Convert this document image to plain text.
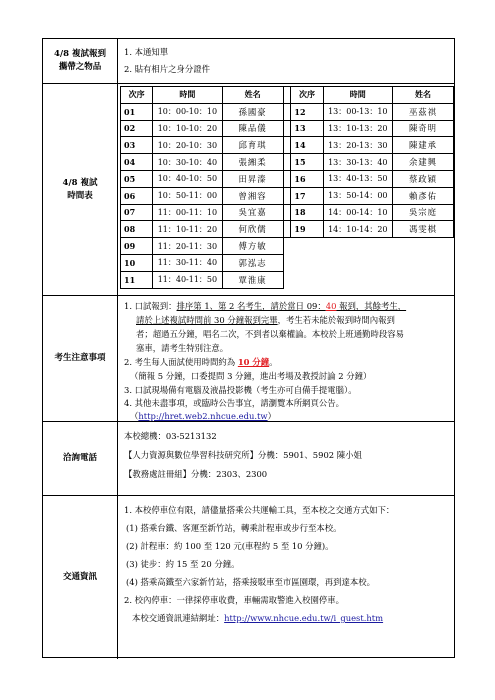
4/8 複試報到
攜帶之物品
1. 本通知單
2. 貼有相片之身分證件
4/8 複試
時間表
次序	時間	姓名		次序	時間	姓名
01	10：00-10：10	孫國豪		12	13：00-13：10	巫茲祺
02	10：10-10：20	陳品儀		13	13：10-13：20	陳奇明
03	10：20-10：30	邱育琪		14	13：20-13：30	陳建承
04	10：30-10：40	張緗柔		15	13：30-13：40	余建興
05	10：40-10：50	田昇溱		16	13：40-13：50	蔡政穎
06	10：50-11：00	曾湘容		17	13：50-14：00	賴彥佑
07	11：00-11：10	吳宜嘉		18	14：00-14：10	吳宗庭
08	11：10-11：20	何欣儒		19	14：10-14：20	馮雯棋
09	11：20-11：30	傅方敏				
10	11：30-11：40	郭泓志				
11	11：40-11：50	覃淮康				
考生注意事項
1. 口試報到：排序第 1、第 2 名考生，請於當日 09：40 報到，其餘考生，
請於上述複試時間前 30 分鐘報到完畢，考生若未能於報到時間內報到
者；超過五分鐘，唱名二次，不到者以棄權論。本校於上班通勤時段容易
塞車，請考生特別注意。
2. 考生每人面試使用時間約為 10 分鐘。
（簡報 5 分鐘，口委提問 3 分鐘，進出考場及教授討論 2 分鐘）
3. 口試現場備有電腦及液晶投影機（考生亦可自備手提電腦）。
4. 其他未盡事項，或臨時公告事宜，請瀏覽本所網頁公告。
（http://hret.web2.nhcue.edu.tw）
洽詢電話
本校總機：03-5213132
【人力資源與數位學習科技研究所】分機：5901、5902 陳小姐
【教務處註冊組】分機：2303、2300
交通資訊
1. 本校停車位有限，請儘量搭乘公共運輸工具，至本校之交通方式如下：
(1) 搭乘台鐵、客運至新竹站，轉乘計程車或步行至本校。
(2) 計程車：約 100 至 120 元(車程約 5 至 10 分鐘)。
(3) 徒步：約 15 至 20 分鐘。
(4) 搭乘高鐵至六家新竹站，搭乘接駁車至市區園環，再到達本校。
2. 校內停車：一律採停車收費，車輛需取警進入校園停車。
本校交通資訊連結網址：http://www.nhcue.edu.tw/i_guest.htm
